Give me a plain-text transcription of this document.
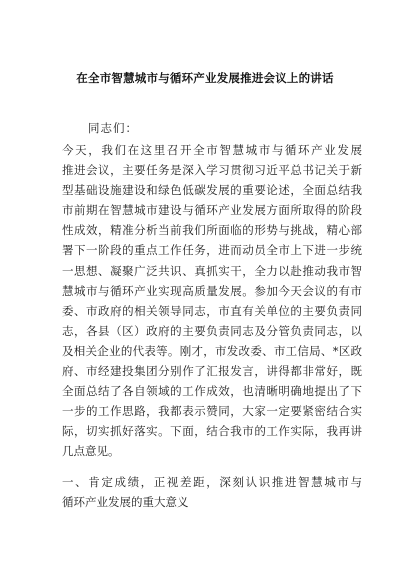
在全市智慧城市与循环产业发展推进会议上的讲话
同志们：
今天，我们在这里召开全市智慧城市与循环产业发展
推进会议，主要任务是深入学习贯彻习近平总书记关于新
型基础设施建设和绿色低碳发展的重要论述，全面总结我
市前期在智慧城市建设与循环产业发展方面所取得的阶段
性成效，精准分析当前我们所面临的形势与挑战，精心部
署下一阶段的重点工作任务，进而动员全市上下进一步统
一思想、凝聚广泛共识、真抓实干，全力以赴推动我市智
慧城市与循环产业实现高质量发展。参加今天会议的有市
委、市政府的相关领导同志，市直有关单位的主要负责同
志，各县（区）政府的主要负责同志及分管负责同志，以
及相关企业的代表等。刚才，市发改委、市工信局、*区政
府、市经建投集团分别作了汇报发言，讲得都非常好，既
全面总结了各自领域的工作成效，也清晰明确地提出了下
一步的工作思路，我都表示赞同，大家一定要紧密结合实
际，切实抓好落实。下面，结合我市的工作实际，我再讲
几点意见。
一、肯定成绩，正视差距，深刻认识推进智慧城市与
循环产业发展的重大意义
